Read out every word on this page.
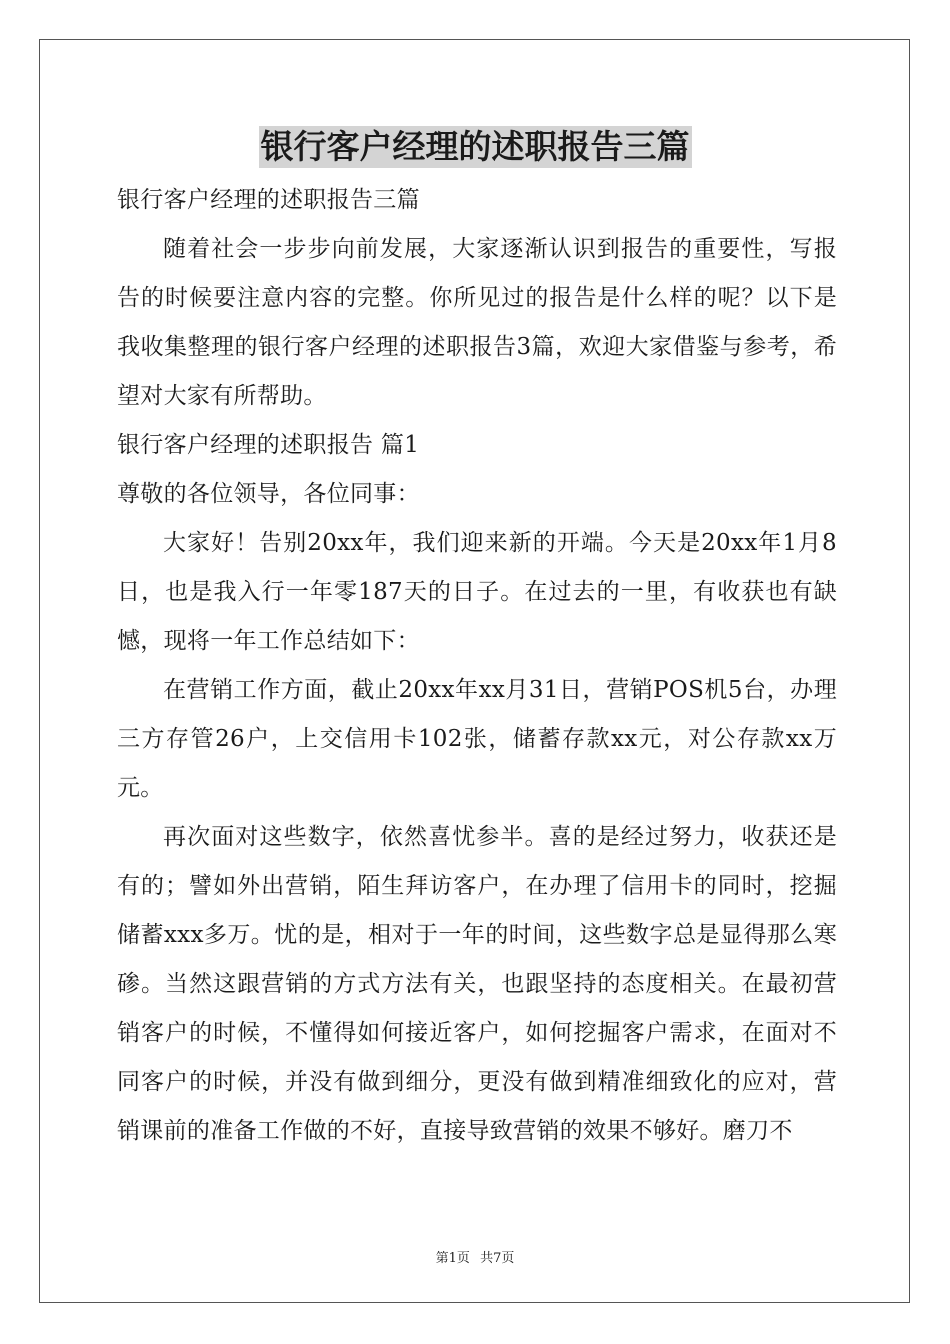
银行客户经理的述职报告三篇

银行客户经理的述职报告三篇

随着社会一步步向前发展，大家逐渐认识到报告的重要性，写报告的时候要注意内容的完整。你所见过的报告是什么样的呢？以下是我收集整理的银行客户经理的述职报告3篇，欢迎大家借鉴与参考，希望对大家有所帮助。

银行客户经理的述职报告 篇1

尊敬的各位领导，各位同事：

大家好！告别20xx年，我们迎来新的开端。今天是20xx年1月8日，也是我入行一年零187天的日子。在过去的一里，有收获也有缺憾，现将一年工作总结如下：

在营销工作方面，截止20xx年xx月31日，营销POS机5台，办理三方存管26户，上交信用卡102张，储蓄存款xx元，对公存款xx万元。

再次面对这些数字，依然喜忧参半。喜的是经过努力，收获还是有的；譬如外出营销，陌生拜访客户，在办理了信用卡的同时，挖掘储蓄xxx多万。忧的是，相对于一年的时间，这些数字总是显得那么寒碜。当然这跟营销的方式方法有关，也跟坚持的态度相关。在最初营销客户的时候，不懂得如何接近客户，如何挖掘客户需求，在面对不同客户的时候，并没有做到细分，更没有做到精准细致化的应对，营销课前的准备工作做的不好，直接导致营销的效果不够好。磨刀不

第1页 共7页
